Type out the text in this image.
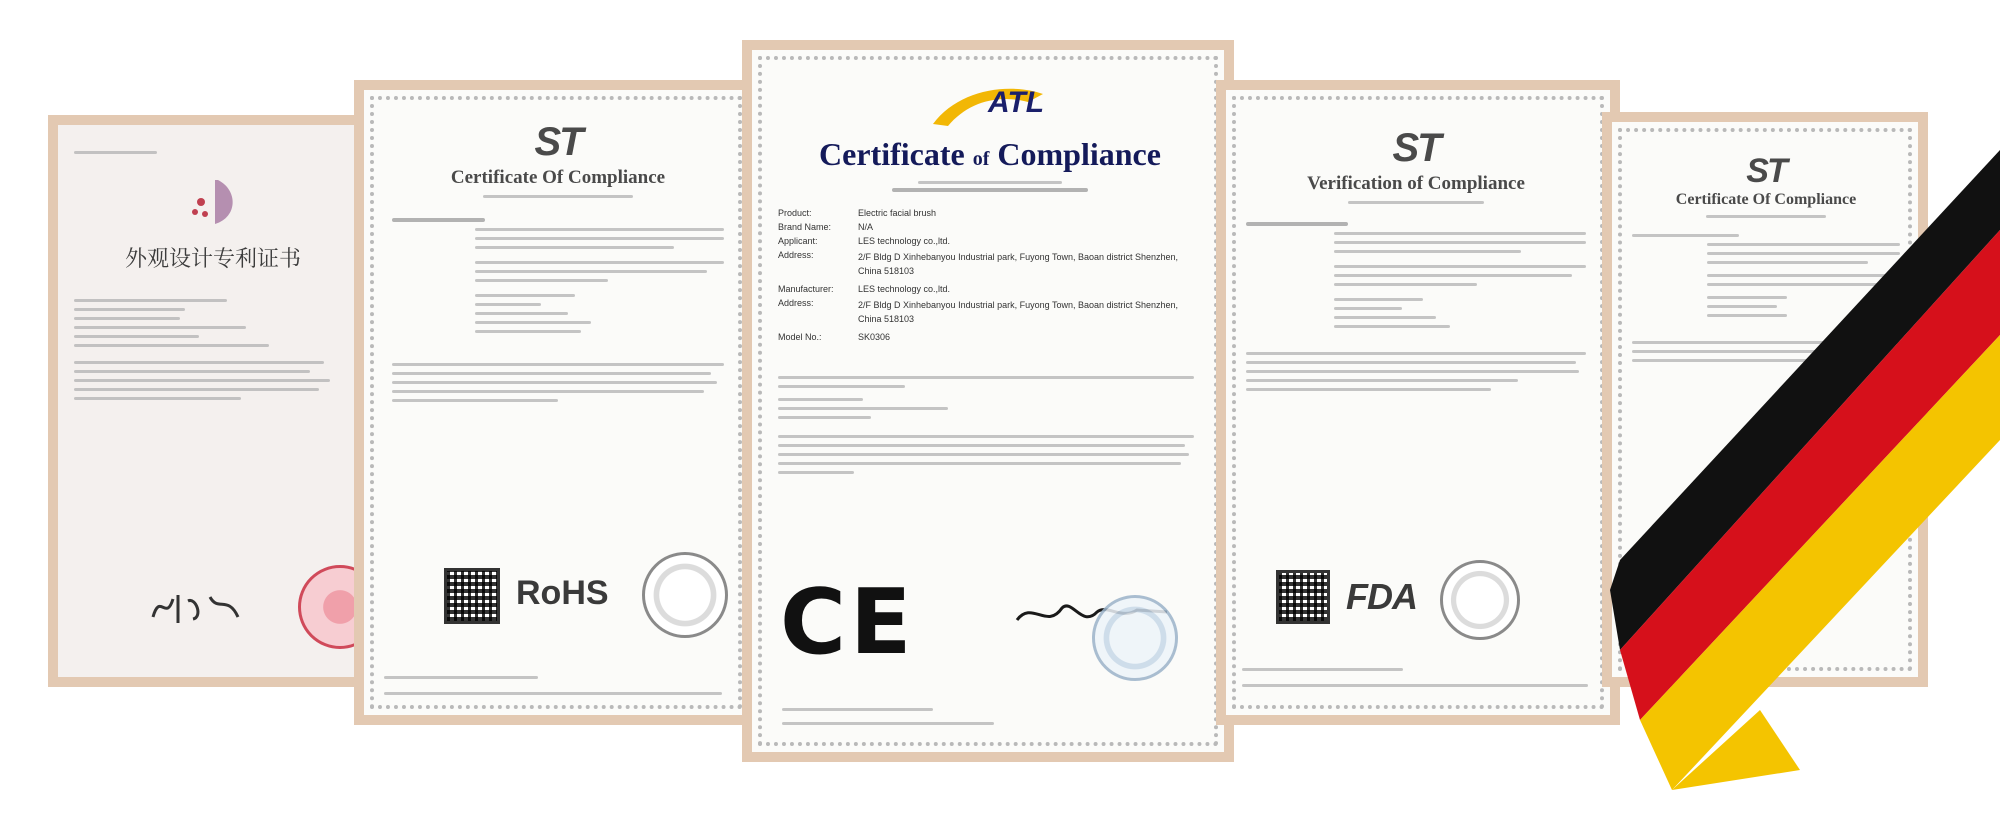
外观设计专利证书
ST
Certificate Of Compliance
RoHS
ATL
Certificate of Compliance
Product:	Electric facial brush
Brand Name:	N/A
Applicant:	LES technology co.,ltd.
Address:	2/F Bldg D Xinhebanyou Industrial park, Fuyong Town, Baoan district Shenzhen, China 518103
Manufacturer:	LES technology co.,ltd.
Address:	2/F Bldg D Xinhebanyou Industrial park, Fuyong Town, Baoan district Shenzhen, China 518103
Model No.:	SK0306
CE
ST
Verification of Compliance
FDA
ST
Certificate Of Compliance
